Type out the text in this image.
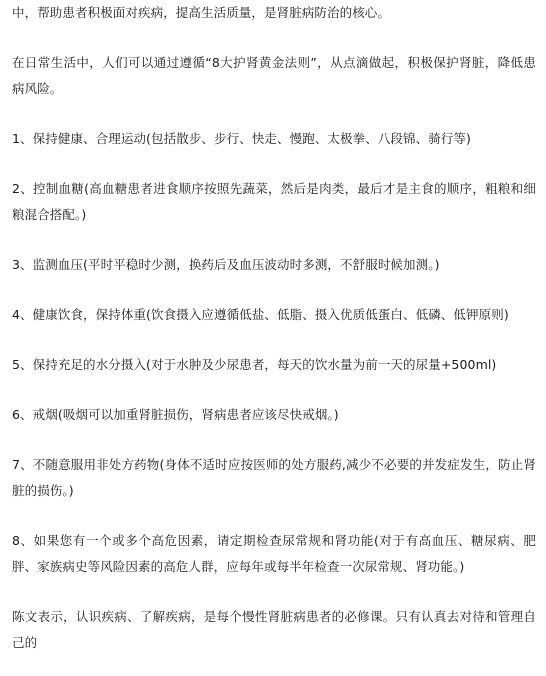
中，帮助患者积极面对疾病，提高生活质量，是肾脏病防治的核心。

在日常生活中，人们可以通过遵循“8大护肾黄金法则”，从点滴做起，积极保护肾脏，降低患病风险。

1、保持健康、合理运动(包括散步、步行、快走、慢跑、太极拳、八段锦、骑行等)

2、控制血糖(高血糖患者进食顺序按照先蔬菜，然后是肉类，最后才是主食的顺序，粗粮和细粮混合搭配。)

3、监测血压(平时平稳时少测，换药后及血压波动时多测，不舒服时候加测。)

4、健康饮食，保持体重(饮食摄入应遵循低盐、低脂、摄入优质低蛋白、低磷、低钾原则)

5、保持充足的水分摄入(对于水肿及少尿患者，每天的饮水量为前一天的尿量+500ml)

6、戒烟(吸烟可以加重肾脏损伤，肾病患者应该尽快戒烟。)

7、不随意服用非处方药物(身体不适时应按医师的处方服药,减少不必要的并发症发生，防止肾脏的损伤。)

8、如果您有一个或多个高危因素，请定期检查尿常规和肾功能(对于有高血压、糖尿病、肥胖、家族病史等风险因素的高危人群，应每年或每半年检查一次尿常规、肾功能。)

陈文表示，认识疾病、了解疾病，是每个慢性肾脏病患者的必修课。只有认真去对待和管理自己的
